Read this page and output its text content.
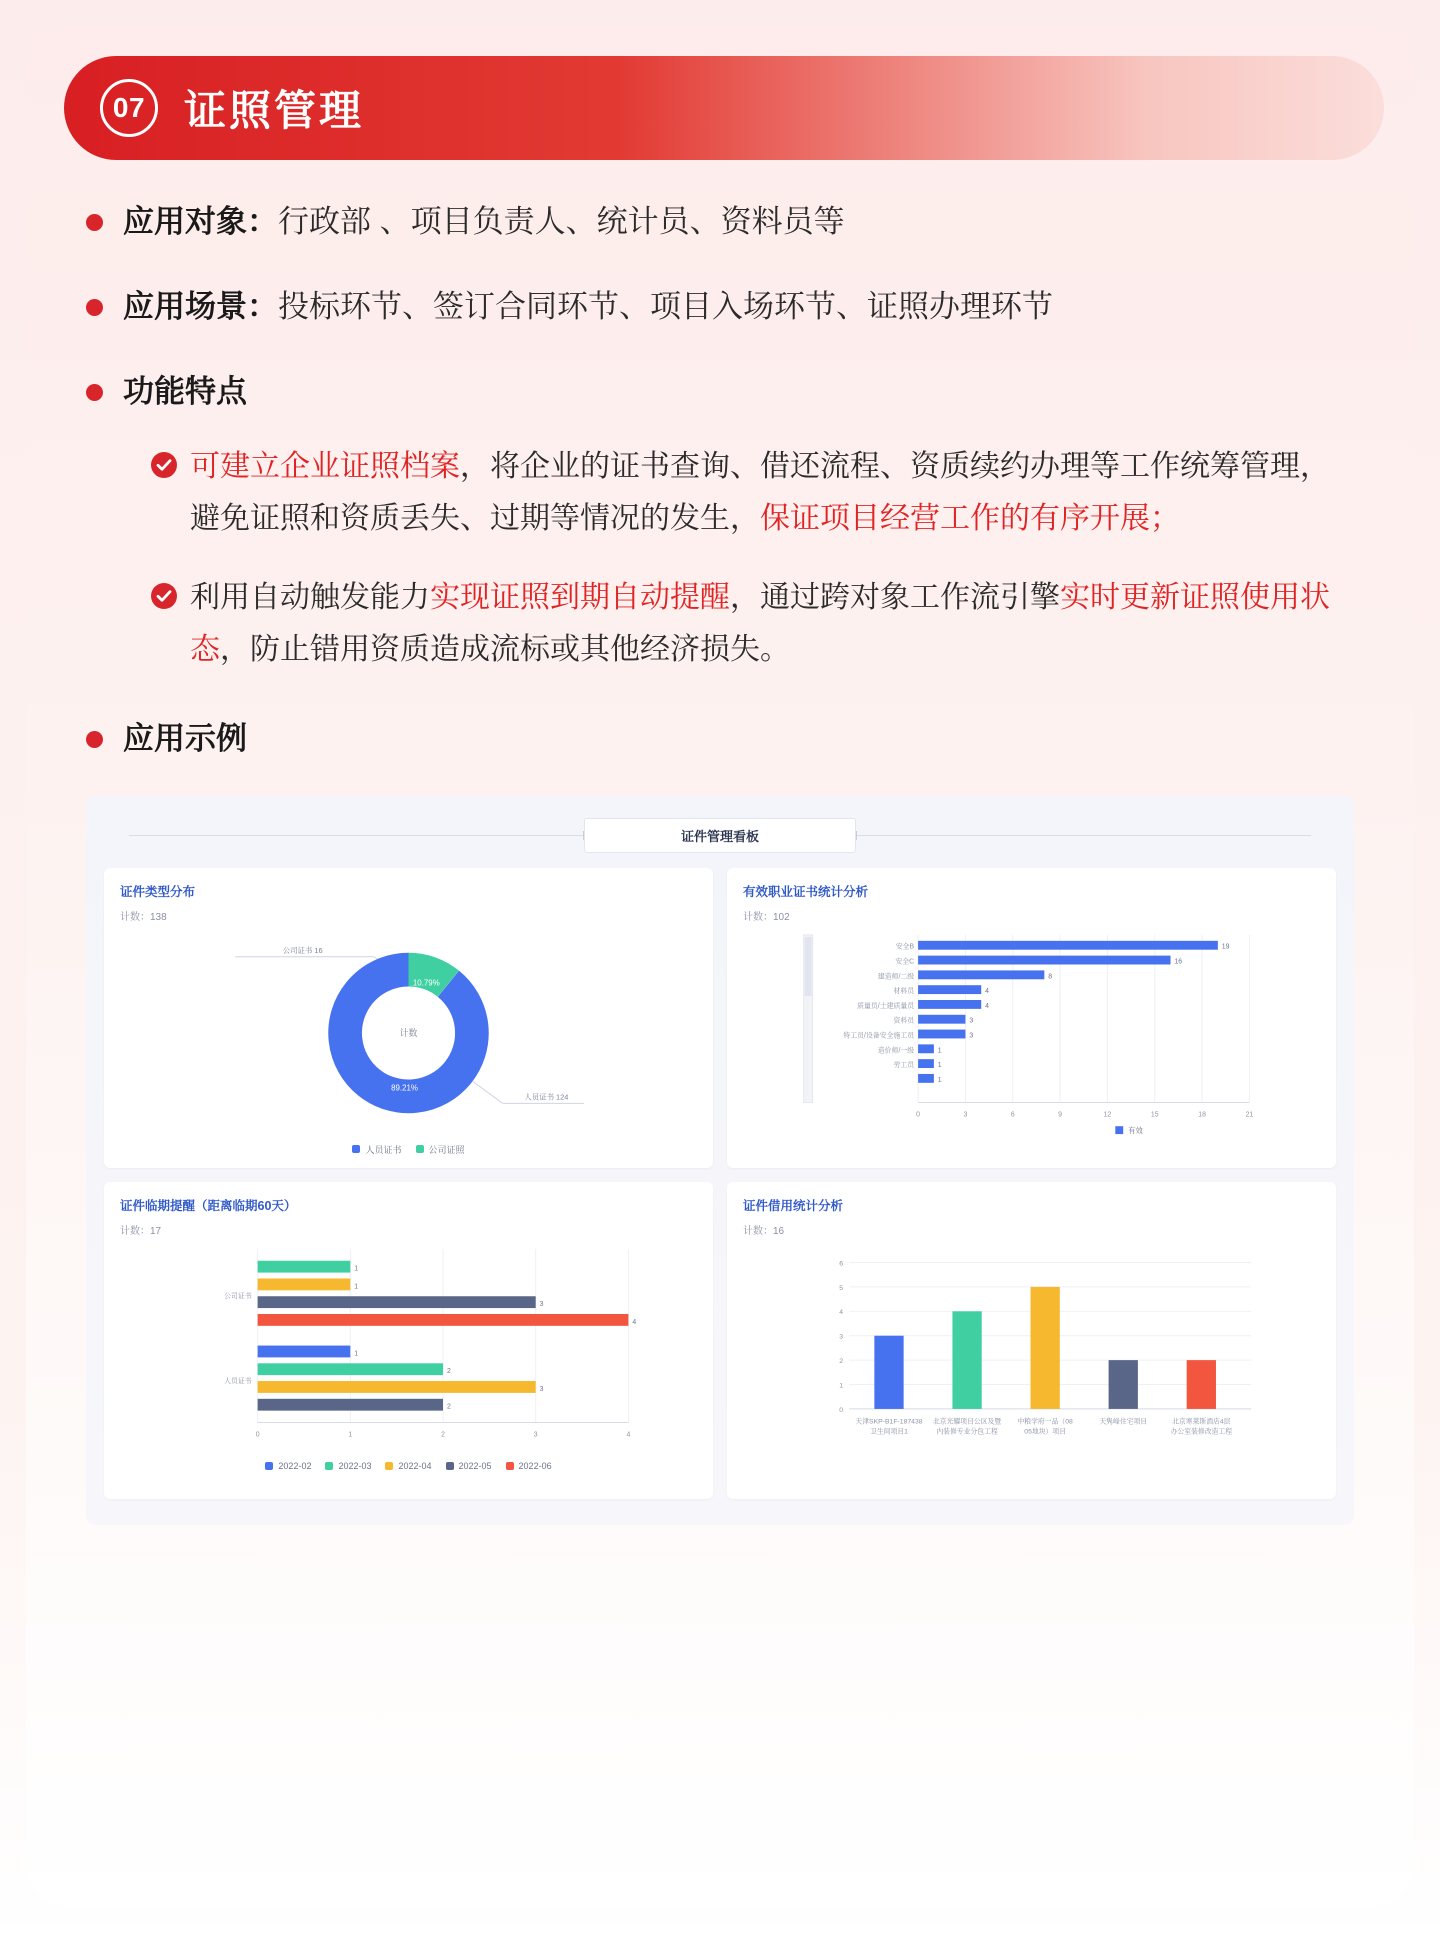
07 证照管理
应用对象：行政部 、项目负责人、统计员、资料员等
应用场景：投标环节、签订合同环节、项目入场环节、证照办理环节
功能特点
可建立企业证照档案，将企业的证书查询、借还流程、资质续约办理等工作统筹管理，避免证照和资质丢失、过期等情况的发生，保证项目经营工作的有序开展；
利用自动触发能力实现证照到期自动提醒，通过跨对象工作流引擎实时更新证照使用状态，防止错用资质造成流标或其他经济损失。
应用示例
证件管理看板
证件类型分布
计数：138
公司证书 16
人员证书 124
计数
10.79%
89.21%
人员证书	公司证照
有效职业证书统计分析
计数：102
19
16
8
4
4
3
3
1
1
1
安全B
安全C
建造师/二级
材料员
质量员/土建质量员
资料员
特工员/设备安全施工员
造价师/一级
劳工员
0	3	6	9	12	15	18	21
有效
证件临期提醒（距离临期60天）
计数：17
1
1
3
4
1
2
3
2
公司证书
人员证书
0	1	2	3	4
2022-02	2022-03	2022-04	2022-05	2022-06
证件借用统计分析
计数：16
0
1
2
3
4
5
6
天津SKP-B1F-187438
卫生间项目1
北京光耀项目公区及暨
内装修专业分包工程
中粮学府一品（08
05地块）项目
天隽峰住宅项目	北京寒莱斯酒店4层
办公室装修改造工程
